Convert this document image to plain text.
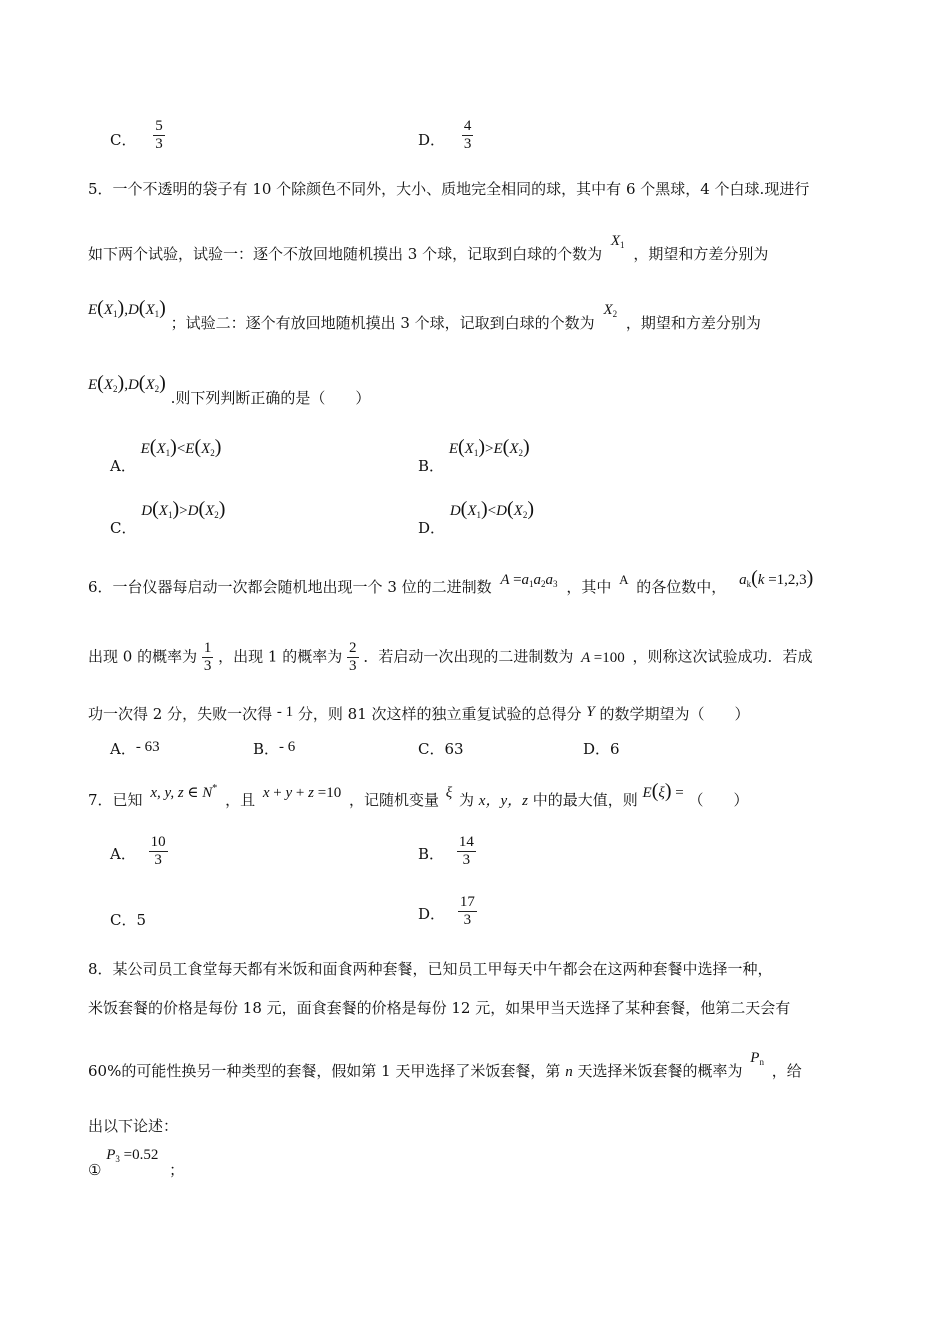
C． $\frac{5}{3}$	D． $\frac{4}{3}$
5．一个不透明的袋子有 10 个除颜色不同外，大小、质地完全相同的球，其中有 6 个黑球，4 个白球.现进行
如下两个试验，试验一：逐个不放回地随机摸出 3 个球，记取到白球的个数为 $X_1$ ，期望和方差分别为
$E(X_1),D(X_1)$ ；试验二：逐个有放回地随机摸出 3 个球，记取到白球的个数为 $X_2$ ，期望和方差分别为
$E(X_2),D(X_2)$ .则下列判断正确的是（　　）
A． $E(X_1)<E(X_2)$
B． $E(X_1)>E(X_2)$
C． $D(X_1)>D(X_2)$
D． $D(X_1)<D(X_2)$
6．一台仪器每启动一次都会随机地出现一个 3 位的二进制数 $A =a_1a_2a_3$ ，其中 A 的各位数中， $a_k(k =1,2,3)$
出现 0 的概率为 $\frac{1}{3}$ ，出现 1 的概率为 $\frac{2}{3}$ ．若启动一次出现的二进制数为 A =100 ，则称这次试验成功．若成
功一次得 2 分，失败一次得 - 1 分，则 81 次这样的独立重复试验的总得分 Y 的数学期望为（　　）
A．- 63	B．- 6	C．63	D．6
7．已知 x, y, z ∈ N* ，且 x + y + z =10 ，记随机变量 ξ 为 x，y，z 中的最大值，则 E(ξ) = （　　）
A． $\frac{10}{3}$	B． $\frac{14}{3}$
C．5	D． $\frac{17}{3}$
8．某公司员工食堂每天都有米饭和面食两种套餐，已知员工甲每天中午都会在这两种套餐中选择一种，
米饭套餐的价格是每份 18 元，面食套餐的价格是每份 12 元，如果甲当天选择了某种套餐，他第二天会有
60%的可能性换另一种类型的套餐，假如第 1 天甲选择了米饭套餐，第 n 天选择米饭套餐的概率为 $P_n$ ，给
出以下论述：
① $P_3 =0.52$ ；
